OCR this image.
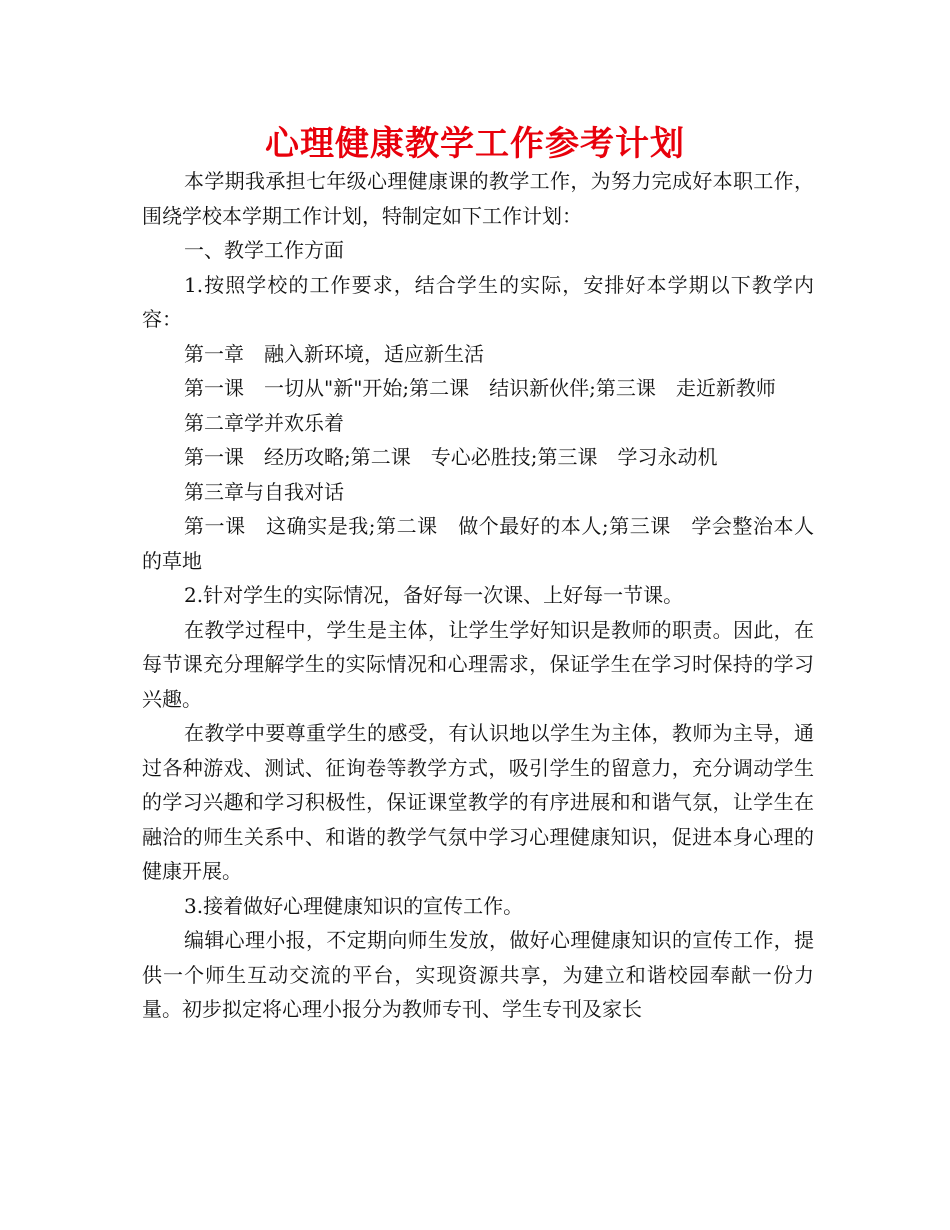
心理健康教学工作参考计划

本学期我承担七年级心理健康课的教学工作，为努力完成好本职工作，围绕学校本学期工作计划，特制定如下工作计划：

一、教学工作方面

1.按照学校的工作要求，结合学生的实际，安排好本学期以下教学内容：

第一章　融入新环境，适应新生活

第一课　一切从"新"开始;第二课　结识新伙伴;第三课　走近新教师

第二章学并欢乐着

第一课　经历攻略;第二课　专心必胜技;第三课　学习永动机

第三章与自我对话

第一课　这确实是我;第二课　做个最好的本人;第三课　学会整治本人的草地

2.针对学生的实际情况，备好每一次课、上好每一节课。

在教学过程中，学生是主体，让学生学好知识是教师的职责。因此，在每节课充分理解学生的实际情况和心理需求，保证学生在学习时保持的学习兴趣。

在教学中要尊重学生的感受，有认识地以学生为主体，教师为主导，通过各种游戏、测试、征询卷等教学方式，吸引学生的留意力，充分调动学生的学习兴趣和学习积极性，保证课堂教学的有序进展和和谐气氛，让学生在融洽的师生关系中、和谐的教学气氛中学习心理健康知识，促进本身心理的健康开展。

3.接着做好心理健康知识的宣传工作。

编辑心理小报，不定期向师生发放，做好心理健康知识的宣传工作，提供一个师生互动交流的平台，实现资源共享，为建立和谐校园奉献一份力量。初步拟定将心理小报分为教师专刊、学生专刊及家长
